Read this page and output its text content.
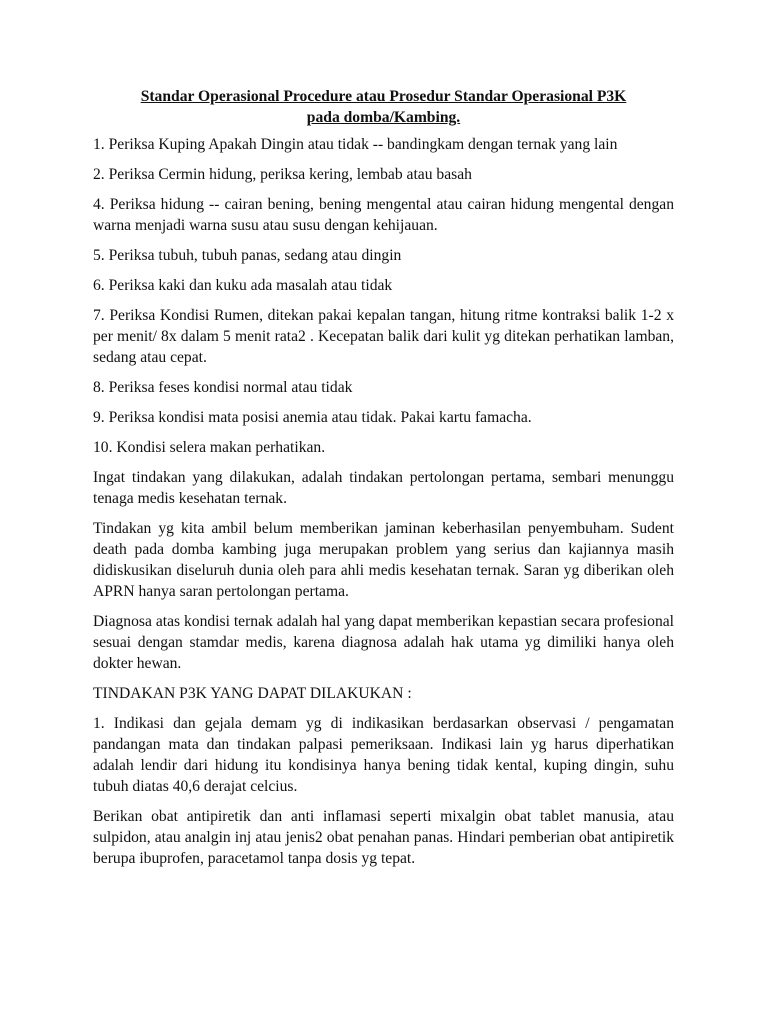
Standar Operasional Procedure atau Prosedur Standar Operasional P3K
pada domba/Kambing.

1. Periksa Kuping Apakah Dingin atau tidak -- bandingkam dengan ternak yang lain

2. Periksa Cermin hidung, periksa kering, lembab atau basah

4. Periksa hidung -- cairan bening, bening mengental atau cairan hidung mengental dengan warna menjadi warna susu atau susu dengan kehijauan.

5. Periksa tubuh, tubuh panas, sedang atau dingin

6. Periksa kaki dan kuku ada masalah atau tidak

7. Periksa Kondisi Rumen, ditekan pakai kepalan tangan, hitung ritme kontraksi balik 1-2 x per menit/ 8x dalam 5 menit rata2 . Kecepatan balik dari kulit yg ditekan perhatikan lamban, sedang atau cepat.

8. Periksa feses kondisi normal atau tidak

9. Periksa kondisi mata posisi anemia atau tidak. Pakai kartu famacha.

10. Kondisi selera makan perhatikan.

Ingat tindakan yang dilakukan, adalah tindakan pertolongan pertama, sembari menunggu tenaga medis kesehatan ternak.

Tindakan yg kita ambil belum memberikan jaminan keberhasilan penyembuham. Sudent death pada domba kambing juga merupakan problem yang serius dan kajiannya masih didiskusikan diseluruh dunia oleh para ahli medis kesehatan ternak. Saran yg diberikan oleh APRN hanya saran pertolongan pertama.

Diagnosa atas kondisi ternak adalah hal yang dapat memberikan kepastian secara profesional sesuai dengan stamdar medis, karena diagnosa adalah hak utama yg dimiliki hanya oleh dokter hewan.

TINDAKAN P3K YANG DAPAT DILAKUKAN :

1. Indikasi dan gejala demam yg di indikasikan berdasarkan observasi / pengamatan pandangan mata dan tindakan palpasi pemeriksaan. Indikasi lain yg harus diperhatikan adalah lendir dari hidung itu kondisinya hanya bening tidak kental, kuping dingin, suhu tubuh diatas 40,6 derajat celcius.

Berikan obat antipiretik dan anti inflamasi seperti mixalgin obat tablet manusia, atau sulpidon, atau analgin inj atau jenis2 obat penahan panas. Hindari pemberian obat antipiretik berupa ibuprofen, paracetamol tanpa dosis yg tepat.
